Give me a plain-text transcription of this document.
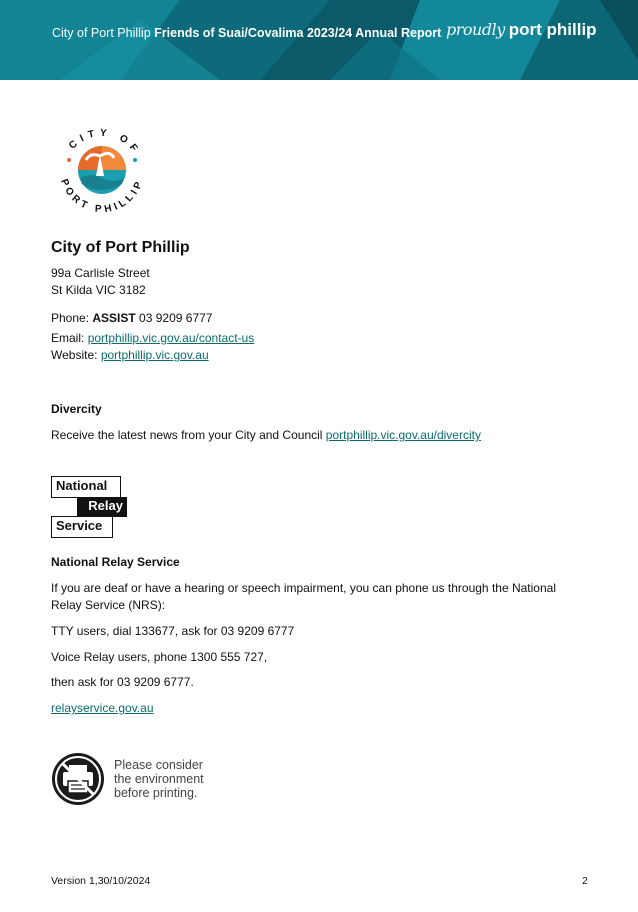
City of Port Phillip Friends of Suai/Covalima 2023/24 Annual Report proudly port phillip
CITY OF
PORT PHILLIP
City of Port Phillip
99a Carlisle Street
St Kilda VIC 3182
Phone: ASSIST 03 9209 6777
Email: portphillip.vic.gov.au/contact-us
Website: portphillip.vic.gov.au
Divercity
Receive the latest news from your City and Council portphillip.vic.gov.au/divercity
National
Relay
Service
National Relay Service
If you are deaf or have a hearing or speech impairment, you can phone us through the National
Relay Service (NRS):
TTY users, dial 133677, ask for 03 9209 6777
Voice Relay users, phone 1300 555 727,
then ask for 03 9209 6777.
relayservice.gov.au
Please consider
the environment
before printing.
Version 1,30/10/2024	2
